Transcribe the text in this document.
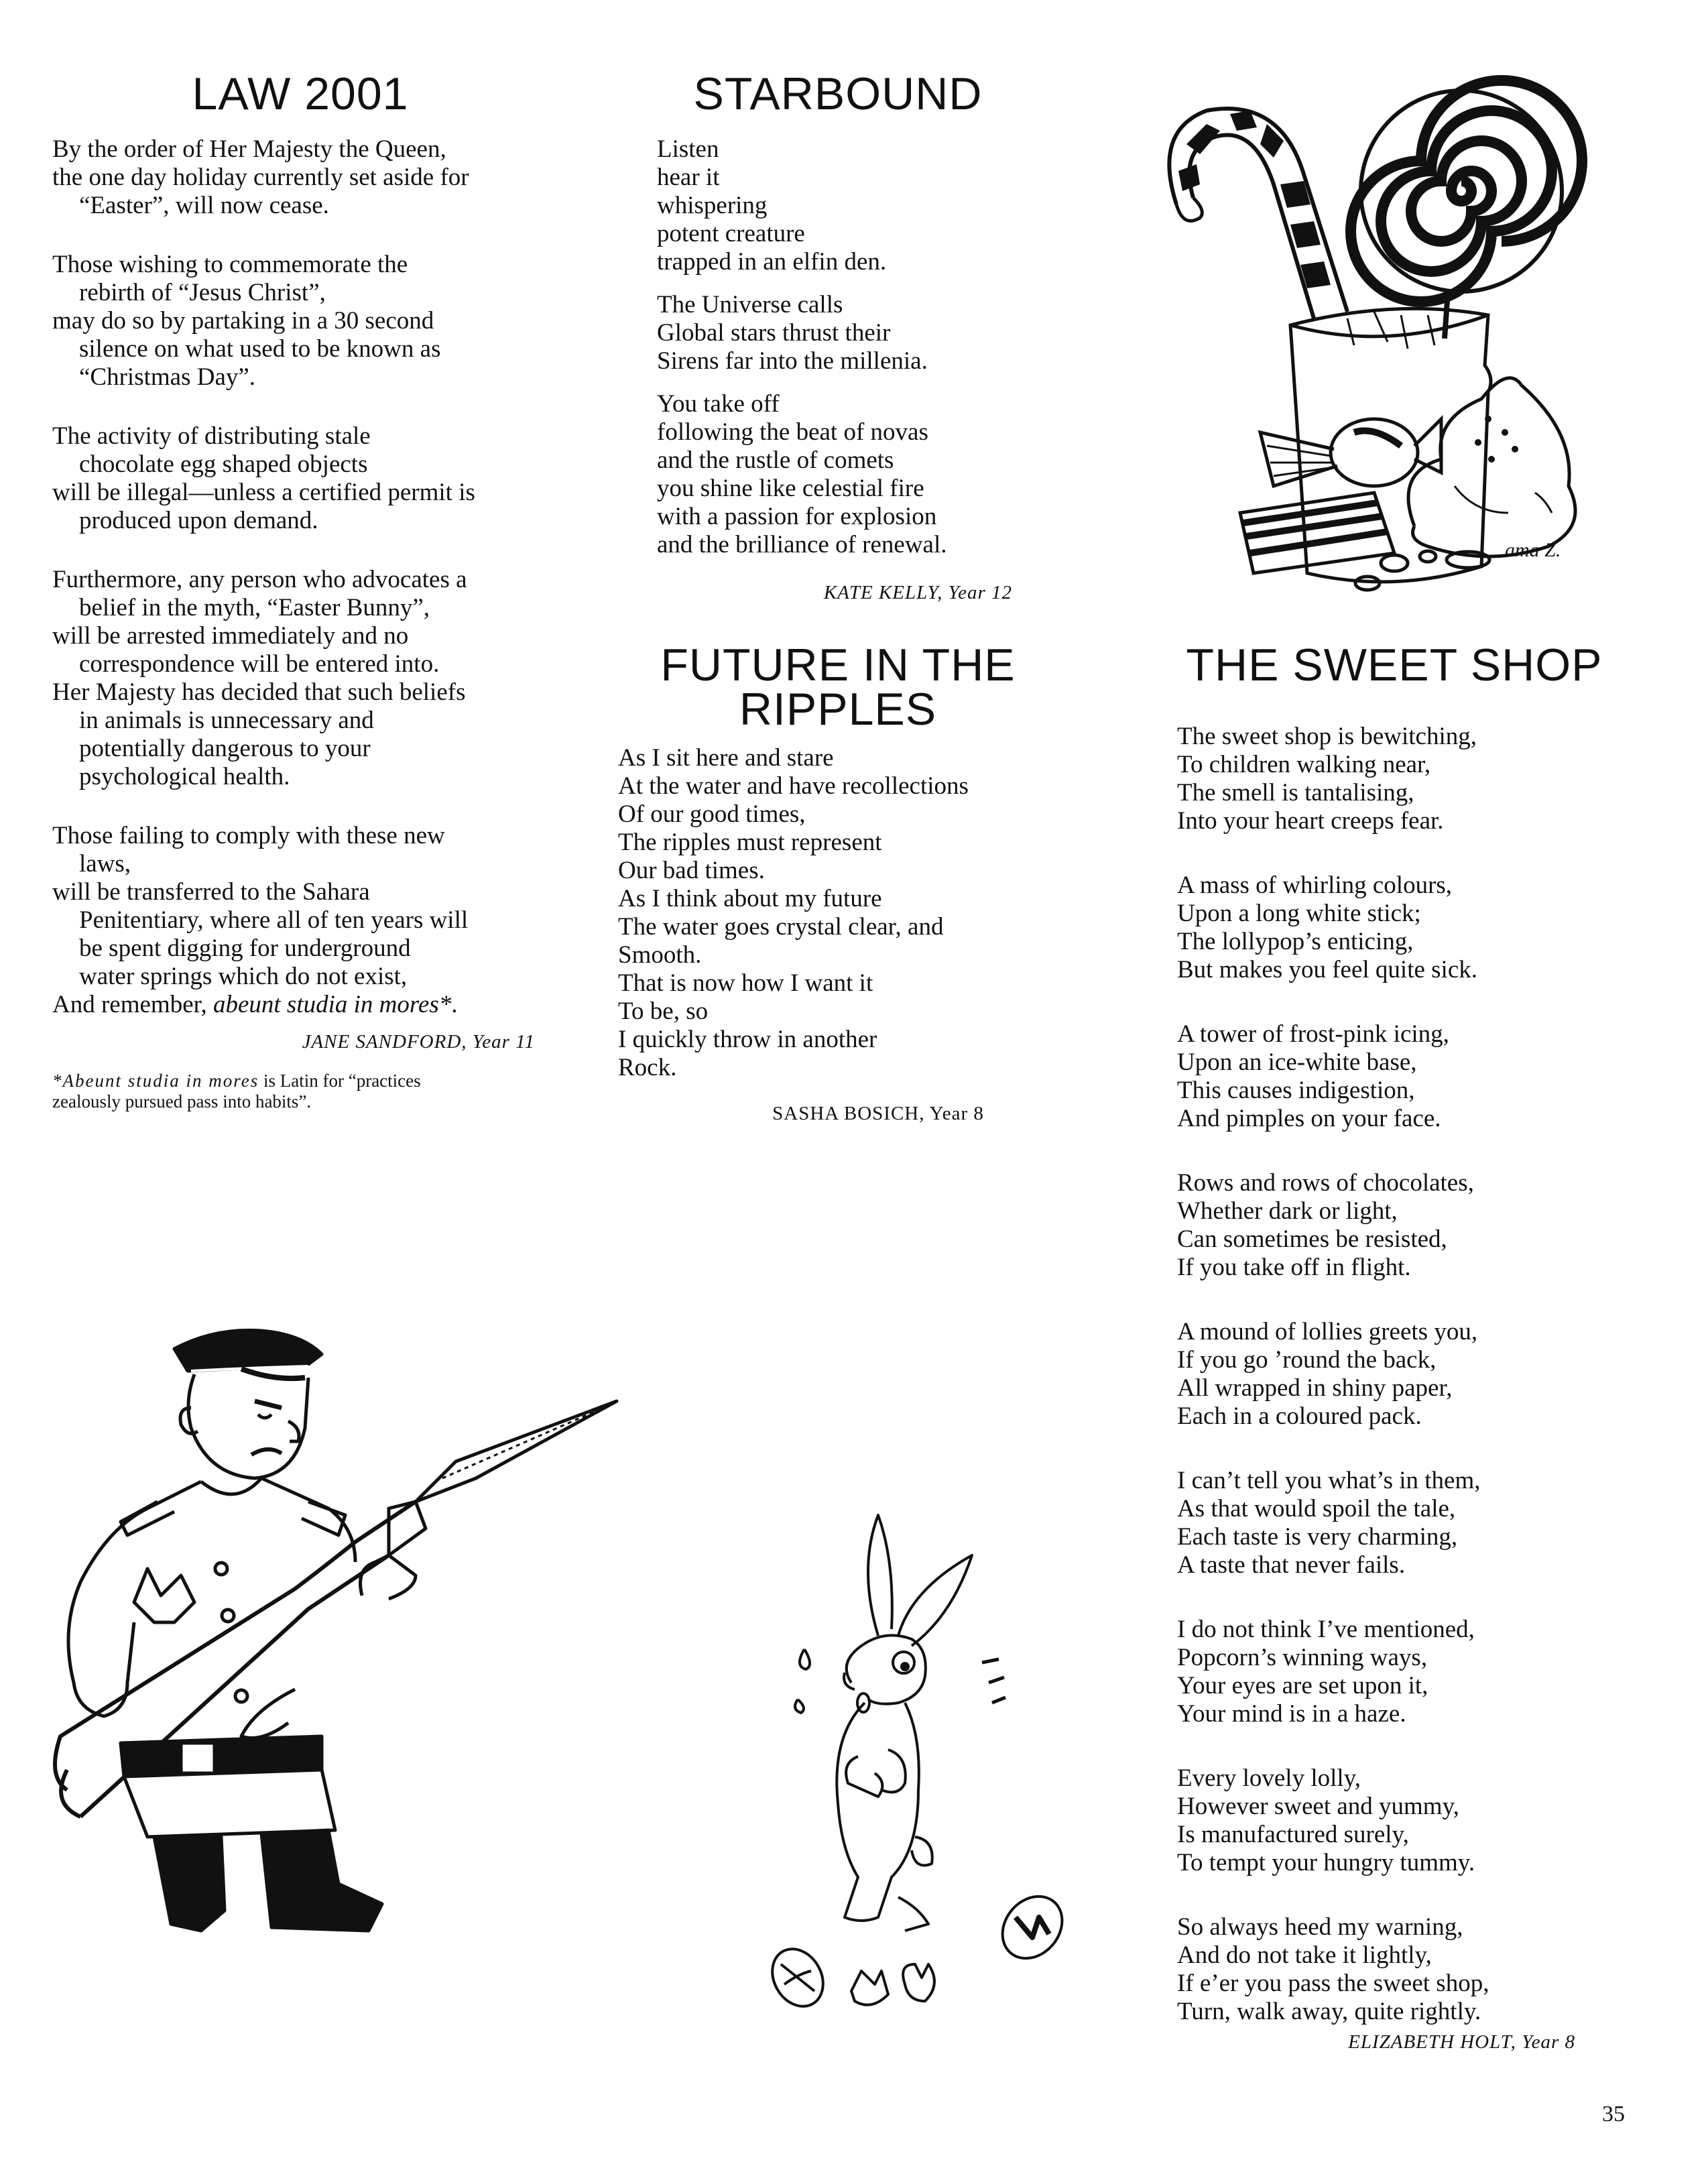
LAW 2001
By the order of Her Majesty the Queen,
the one day holiday currently set aside for
“Easter”, will now cease.
Those wishing to commemorate the
rebirth of “Jesus Christ”,
may do so by partaking in a 30 second
silence on what used to be known as
“Christmas Day”.
The activity of distributing stale
chocolate egg shaped objects
will be illegal—unless a certified permit is
produced upon demand.
Furthermore, any person who advocates a
belief in the myth, “Easter Bunny”,
will be arrested immediately and no
correspondence will be entered into.
Her Majesty has decided that such beliefs
in animals is unnecessary and
potentially dangerous to your
psychological health.
Those failing to comply with these new
laws,
will be transferred to the Sahara
Penitentiary, where all of ten years will
be spent digging for underground
water springs which do not exist,
And remember, abeunt studia in mores*.
JANE SANDFORD, Year 11
*Abeunt studia in mores is Latin for “practices
zealously pursued pass into habits”.
STARBOUND
Listen
hear it
whispering
potent creature
trapped in an elfin den.
The Universe calls
Global stars thrust their
Sirens far into the millenia.
You take off
following the beat of novas
and the rustle of comets
you shine like celestial fire
with a passion for explosion
and the brilliance of renewal.
KATE KELLY, Year 12
FUTURE IN THE
RIPPLES
As I sit here and stare
At the water and have recollections
Of our good times,
The ripples must represent
Our bad times.
As I think about my future
The water goes crystal clear, and
Smooth.
That is now how I want it
To be, so
I quickly throw in another
Rock.
SASHA BOSICH, Year 8
THE SWEET SHOP
The sweet shop is bewitching,
To children walking near,
The smell is tantalising,
Into your heart creeps fear.
A mass of whirling colours,
Upon a long white stick;
The lollypop’s enticing,
But makes you feel quite sick.
A tower of frost-pink icing,
Upon an ice-white base,
This causes indigestion,
And pimples on your face.
Rows and rows of chocolates,
Whether dark or light,
Can sometimes be resisted,
If you take off in flight.
A mound of lollies greets you,
If you go ’round the back,
All wrapped in shiny paper,
Each in a coloured pack.
I can’t tell you what’s in them,
As that would spoil the tale,
Each taste is very charming,
A taste that never fails.
I do not think I’ve mentioned,
Popcorn’s winning ways,
Your eyes are set upon it,
Your mind is in a haze.
Every lovely lolly,
However sweet and yummy,
Is manufactured surely,
To tempt your hungry tummy.
So always heed my warning,
And do not take it lightly,
If e’er you pass the sweet shop,
Turn, walk away, quite rightly.
ELIZABETH HOLT, Year 8
35
ama Z.
